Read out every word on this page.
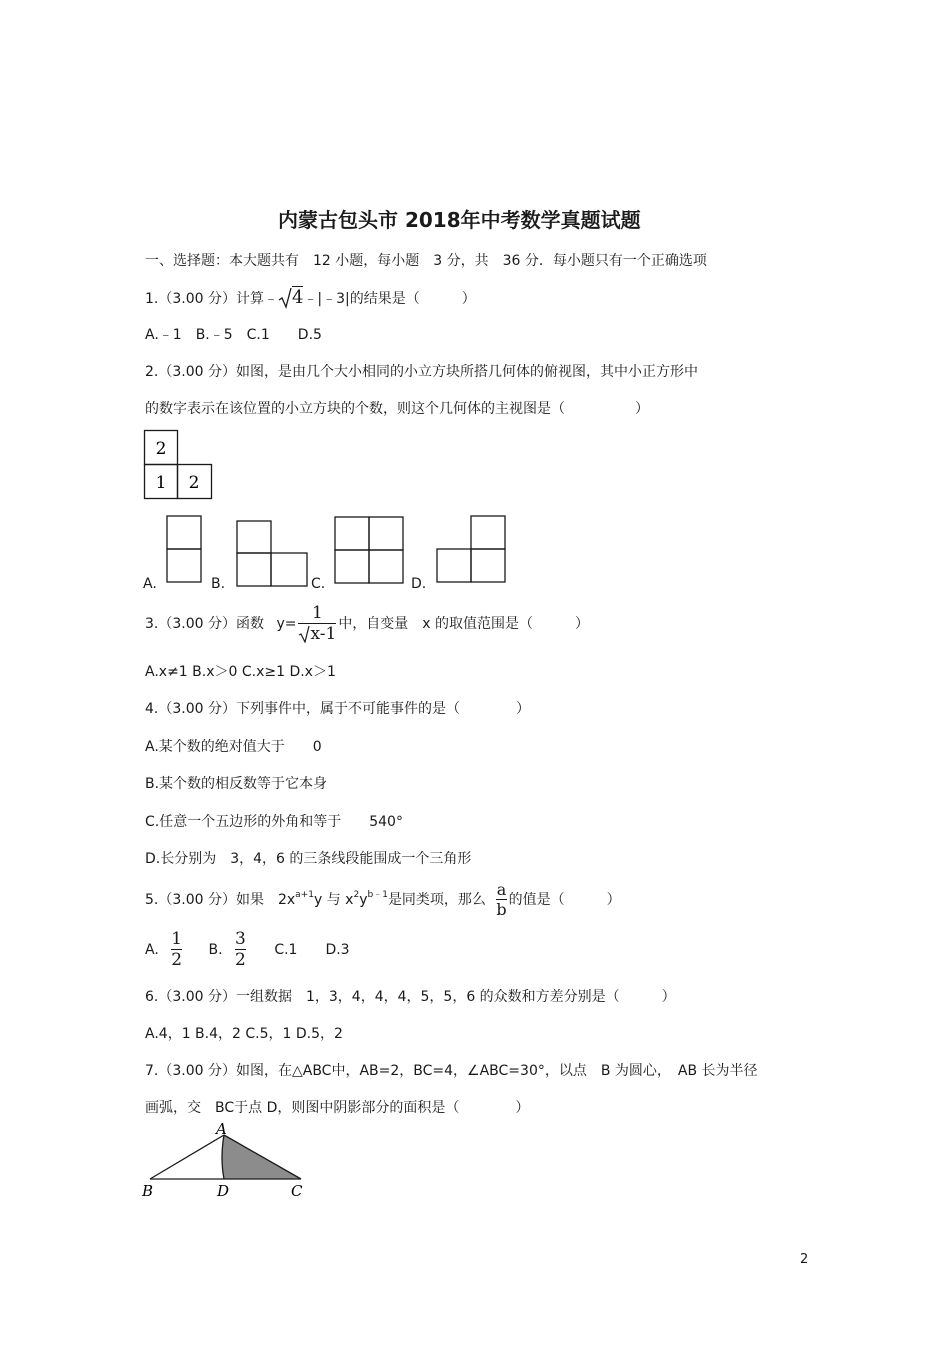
内蒙古包头市 2018年中考数学真题试题
一、选择题：本大题共有　12 小题，每小题　3 分，共　36 分．每小题只有一个正确选项
1.（3.00 分）计算﹣ 4﹣|﹣3|的结果是（　　　）
A.﹣1　B.﹣5　C.1　　D.5
2.（3.00 分）如图，是由几个大小相同的小立方块所搭几何体的俯视图，其中小正方形中
的数字表示在该位置的小立方块的个数，则这个几何体的主视图是（　　　　　）
2
1 2
A.	B.	C.	D.
3.（3.00 分）函数 $y= \frac{1}{x-1}$ 中，自变量　x 的取值范围是（　　　）
A.x≠1 B.x＞0 C.x≥1 D.x＞1
4.（3.00 分）下列事件中，属于不可能事件的是（　　　　）
A.某个数的绝对值大于　　0
B.某个数的相反数等于它本身
C.任意一个五边形的外角和等于　　540°
D.长分别为　3，4，6 的三条线段能围成一个三角形
5.（3.00 分）如果　$2x^{a+1}y$ 与 $x^2y^{b﹣1}$是同类项，那么 $\frac{a}{b}$ 的值是（　　　）
A. $\frac{1}{2} B$. $\frac{3}{2} C.1$　　D.3
6.（3.00 分）一组数据　1，3，4，4，4，5，5，6 的众数和方差分别是（　　　）
A.4，1 B.4，2 C.5，1 D.5，2
7.（3.00 分）如图，在△ABC中，AB=2，BC=4，∠ABC=30°，以点　B 为圆心，　AB 长为半径
画弧，交　BC于点 D，则图中阴影部分的面积是（　　　　）
A
B	D	C
2
